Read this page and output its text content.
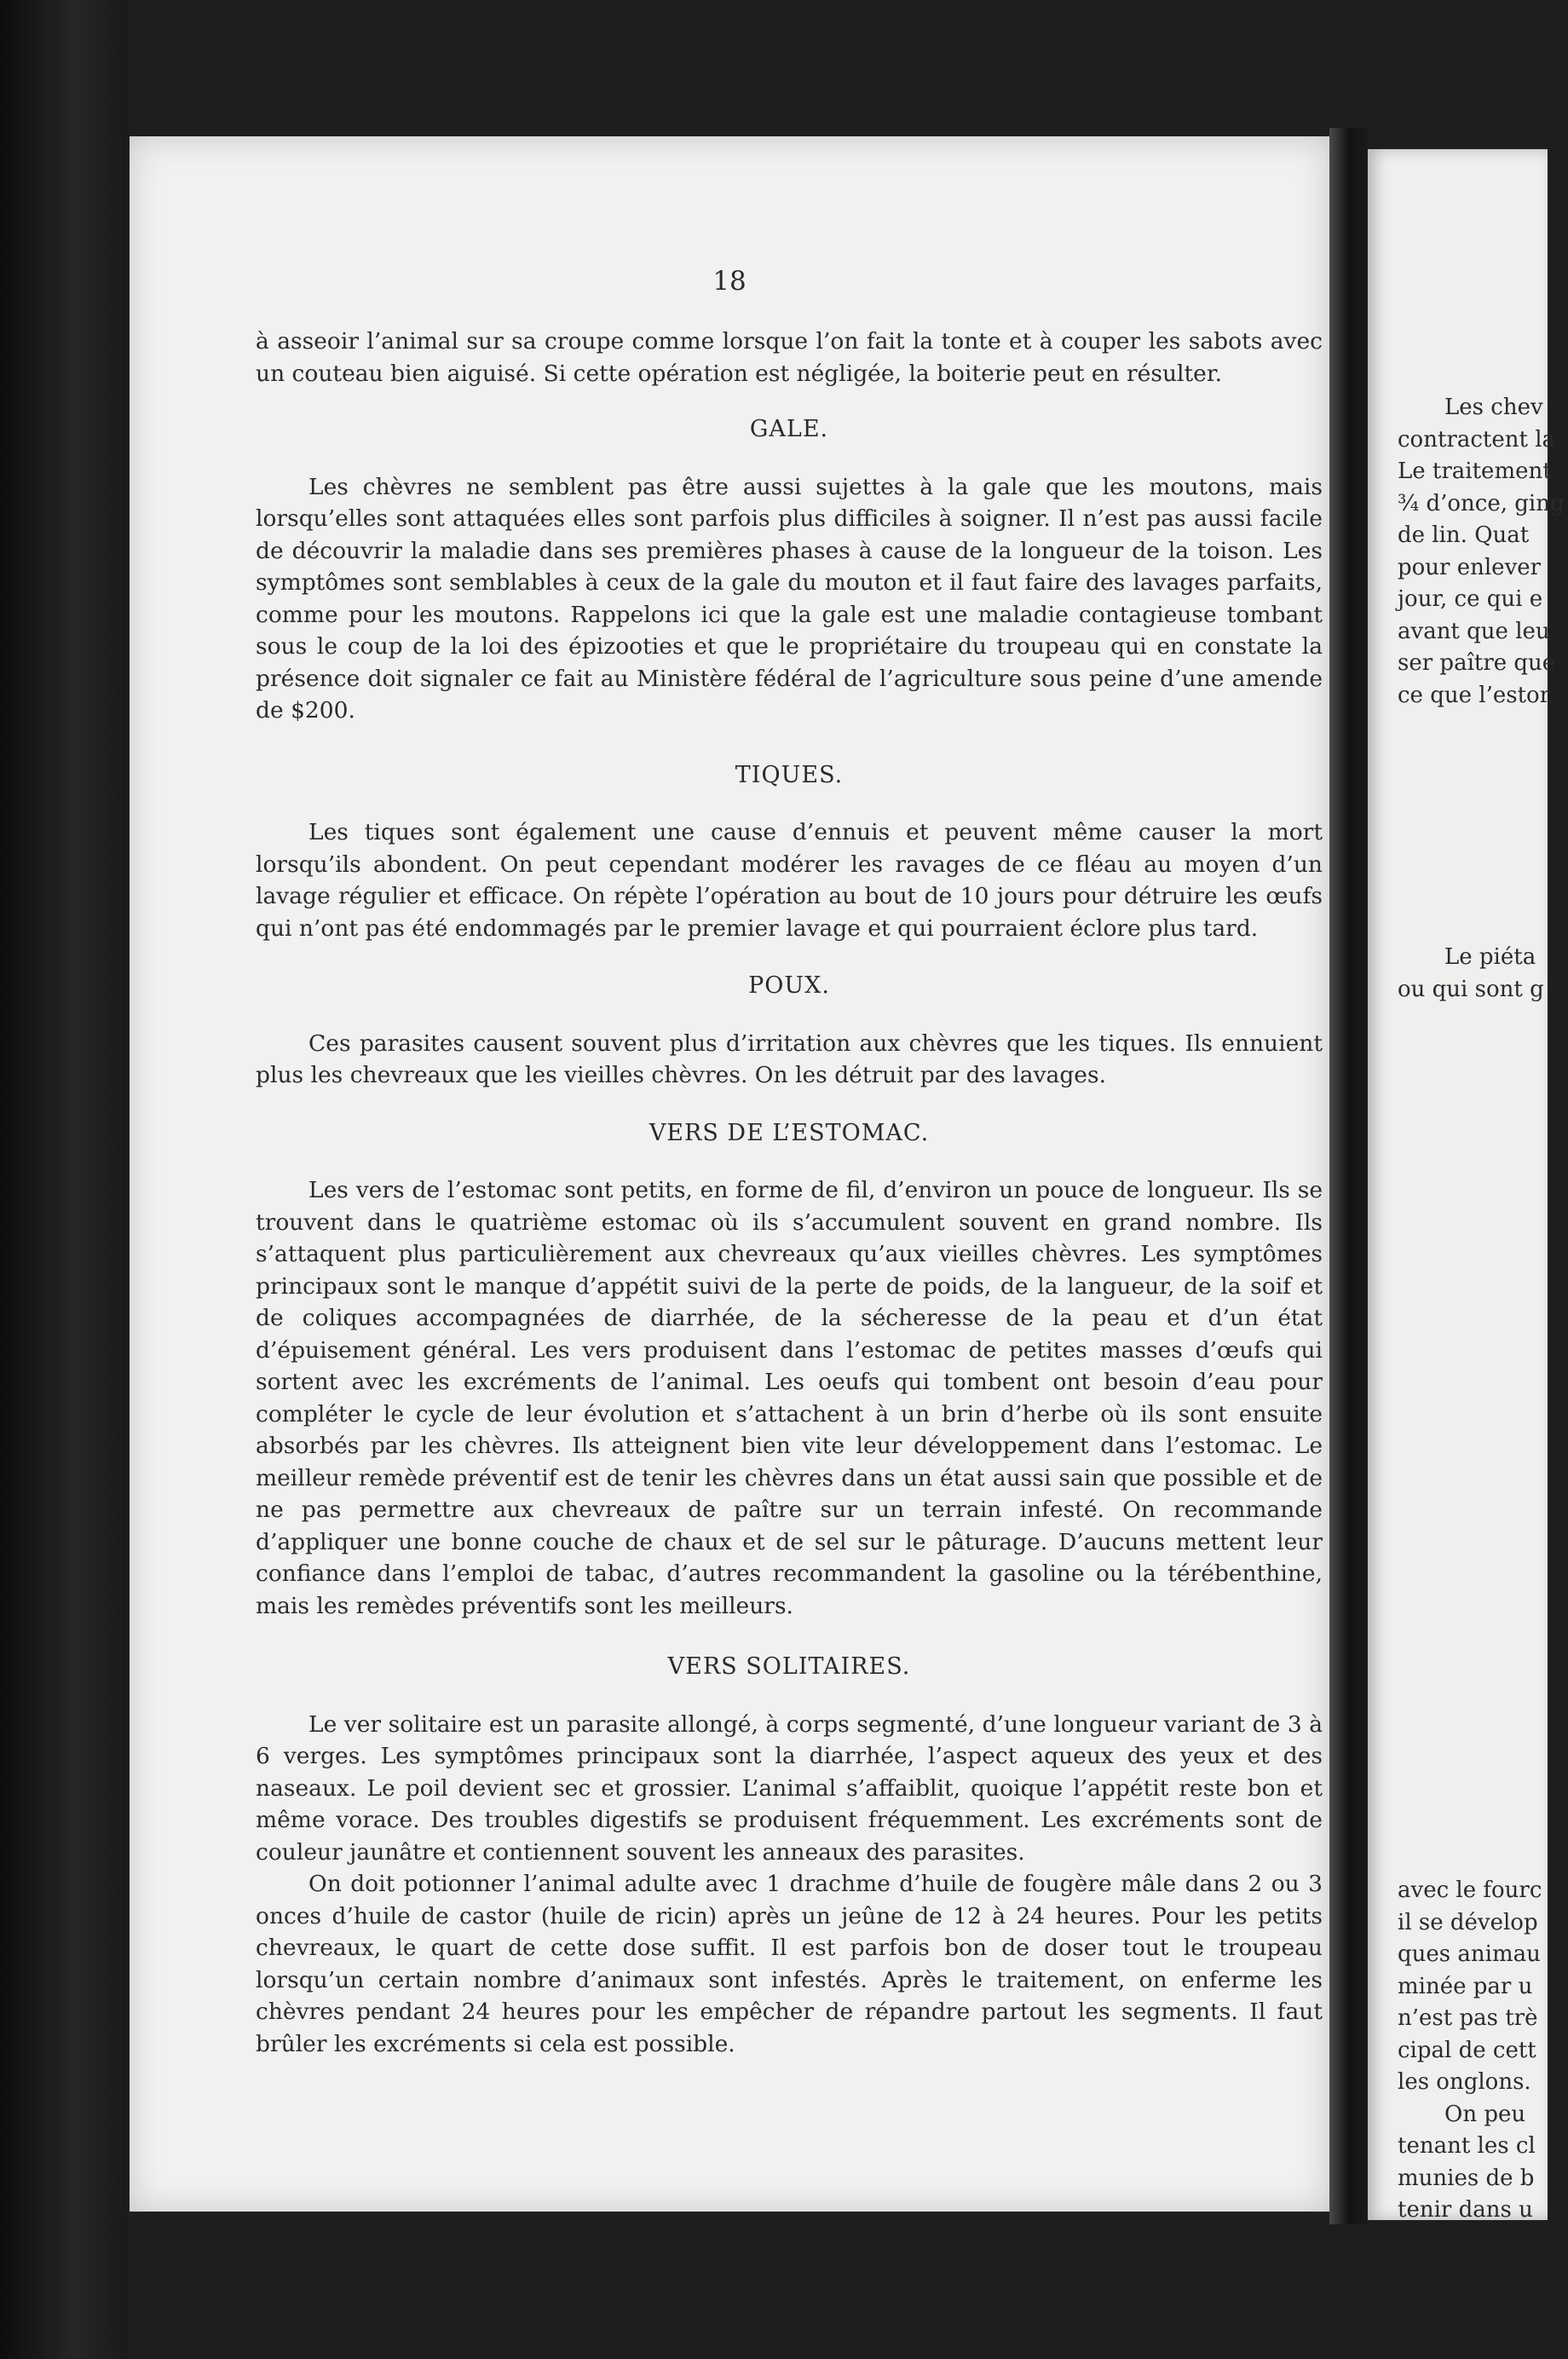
18

à asseoir l’animal sur sa croupe comme lorsque l’on fait la tonte et à couper les sabots avec un couteau bien aiguisé. Si cette opération est négligée, la boiterie peut en résulter.

GALE.

Les chèvres ne semblent pas être aussi sujettes à la gale que les moutons, mais lorsqu’elles sont attaquées elles sont parfois plus difficiles à soigner. Il n’est pas aussi facile de découvrir la maladie dans ses premières phases à cause de la longueur de la toison. Les symptômes sont semblables à ceux de la gale du mouton et il faut faire des lavages parfaits, comme pour les moutons. Rappelons ici que la gale est une maladie contagieuse tombant sous le coup de la loi des épizooties et que le propriétaire du troupeau qui en constate la présence doit signaler ce fait au Ministère fédéral de l’agriculture sous peine d’une amende de $200.

TIQUES.

Les tiques sont également une cause d’ennuis et peuvent même causer la mort lorsqu’ils abondent. On peut cependant modérer les ravages de ce fléau au moyen d’un lavage régulier et efficace. On répète l’opération au bout de 10 jours pour détruire les œufs qui n’ont pas été endommagés par le premier lavage et qui pourraient éclore plus tard.

POUX.

Ces parasites causent souvent plus d’irritation aux chèvres que les tiques. Ils ennuient plus les chevreaux que les vieilles chèvres. On les détruit par des lavages.

VERS DE L’ESTOMAC.

Les vers de l’estomac sont petits, en forme de fil, d’environ un pouce de longueur. Ils se trouvent dans le quatrième estomac où ils s’accumulent souvent en grand nombre. Ils s’attaquent plus particulièrement aux chevreaux qu’aux vieilles chèvres. Les symptômes principaux sont le manque d’appétit suivi de la perte de poids, de la langueur, de la soif et de coliques accompagnées de diarrhée, de la sécheresse de la peau et d’un état d’épuisement général. Les vers produisent dans l’estomac de petites masses d’œufs qui sortent avec les excréments de l’animal. Les oeufs qui tombent ont besoin d’eau pour compléter le cycle de leur évolution et s’attachent à un brin d’herbe où ils sont ensuite absorbés par les chèvres. Ils atteignent bien vite leur développement dans l’estomac. Le meilleur remède préventif est de tenir les chèvres dans un état aussi sain que possible et de ne pas permettre aux chevreaux de paître sur un terrain infesté. On recommande d’appliquer une bonne couche de chaux et de sel sur le pâturage. D’aucuns mettent leur confiance dans l’emploi de tabac, d’autres recommandent la gasoline ou la térébenthine, mais les remèdes préventifs sont les meilleurs.

VERS SOLITAIRES.

Le ver solitaire est un parasite allongé, à corps segmenté, d’une longueur variant de 3 à 6 verges. Les symptômes principaux sont la diarrhée, l’aspect aqueux des yeux et des naseaux. Le poil devient sec et grossier. L’animal s’affaiblit, quoique l’appétit reste bon et même vorace. Des troubles digestifs se produisent fréquemment. Les excréments sont de couleur jaunâtre et contiennent souvent les anneaux des parasites.

On doit potionner l’animal adulte avec 1 drachme d’huile de fougère mâle dans 2 ou 3 onces d’huile de castor (huile de ricin) après un jeûne de 12 à 24 heures. Pour les petits chevreaux, le quart de cette dose suffit. Il est parfois bon de doser tout le troupeau lorsqu’un certain nombre d’animaux sont infestés. Après le traitement, on enferme les chèvres pendant 24 heures pour les empêcher de répandre partout les segments. Il faut brûler les excréments si cela est possible.

Les chev
contractent la
Le traitement
¾ d’once, ging
de lin. Quat
pour enlever
jour, ce qui e
avant que leu
ser paître que
ce que l’estor
Le piéta
ou qui sont g
avec le fourc
il se dévelop
ques animau
minée par u
n’est pas trè
cipal de cett
les onglons.
On peu
tenant les cl
munies de b
tenir dans u
